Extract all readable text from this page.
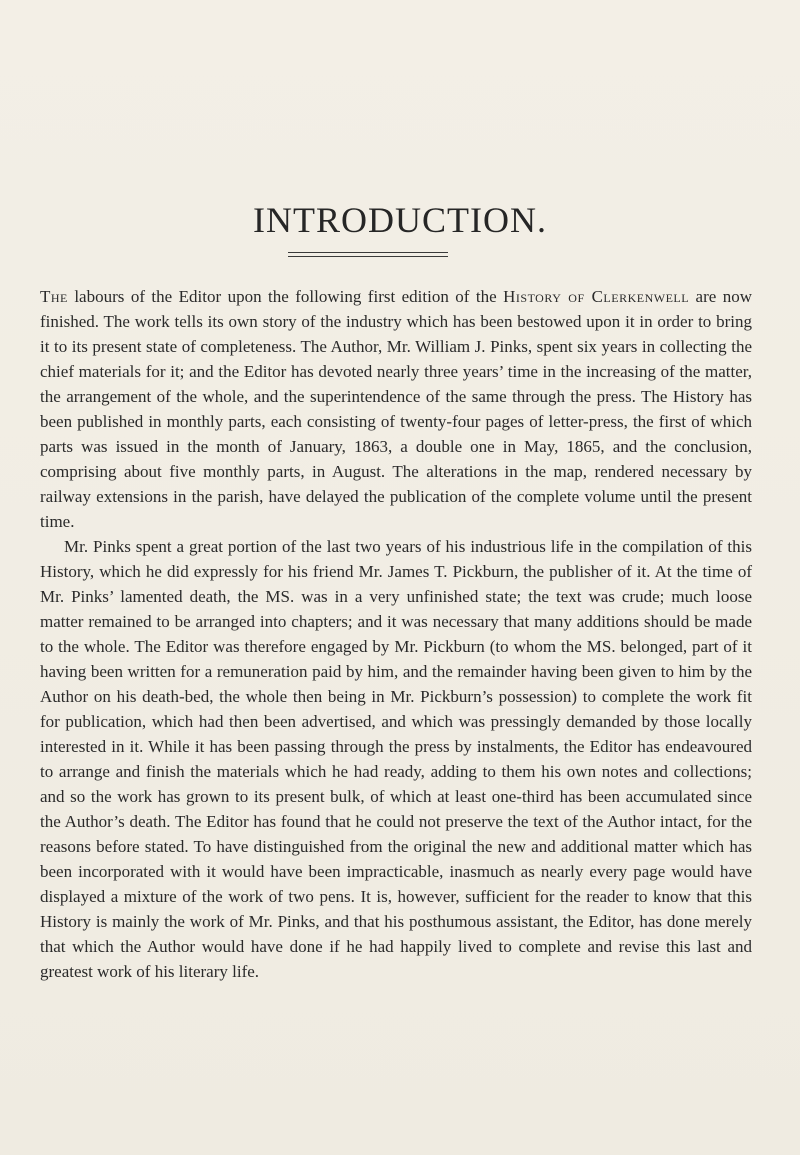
INTRODUCTION.

The labours of the Editor upon the following first edition of the History of Clerkenwell are now finished. The work tells its own story of the industry which has been bestowed upon it in order to bring it to its present state of completeness. The Author, Mr. William J. Pinks, spent six years in collecting the chief materials for it; and the Editor has devoted nearly three years’ time in the increasing of the matter, the arrangement of the whole, and the superintendence of the same through the press. The History has been published in monthly parts, each consisting of twenty-four pages of letter-press, the first of which parts was issued in the month of January, 1863, a double one in May, 1865, and the conclusion, comprising about five monthly parts, in August. The alterations in the map, rendered necessary by railway extensions in the parish, have delayed the publication of the complete volume until the present time.

Mr. Pinks spent a great portion of the last two years of his industrious life in the compilation of this History, which he did expressly for his friend Mr. James T. Pickburn, the publisher of it. At the time of Mr. Pinks’ lamented death, the MS. was in a very unfinished state; the text was crude; much loose matter remained to be arranged into chapters; and it was necessary that many additions should be made to the whole. The Editor was therefore engaged by Mr. Pickburn (to whom the MS. belonged, part of it having been written for a remuneration paid by him, and the remainder having been given to him by the Author on his death-bed, the whole then being in Mr. Pickburn’s possession) to complete the work fit for publication, which had then been advertised, and which was pressingly demanded by those locally interested in it. While it has been passing through the press by instalments, the Editor has endeavoured to arrange and finish the materials which he had ready, adding to them his own notes and collections; and so the work has grown to its present bulk, of which at least one-third has been accumulated since the Author’s death. The Editor has found that he could not preserve the text of the Author intact, for the reasons before stated. To have distinguished from the original the new and additional matter which has been incorporated with it would have been impracticable, inasmuch as nearly every page would have displayed a mixture of the work of two pens. It is, however, sufficient for the reader to know that this History is mainly the work of Mr. Pinks, and that his posthumous assistant, the Editor, has done merely that which the Author would have done if he had happily lived to complete and revise this last and greatest work of his literary life.
